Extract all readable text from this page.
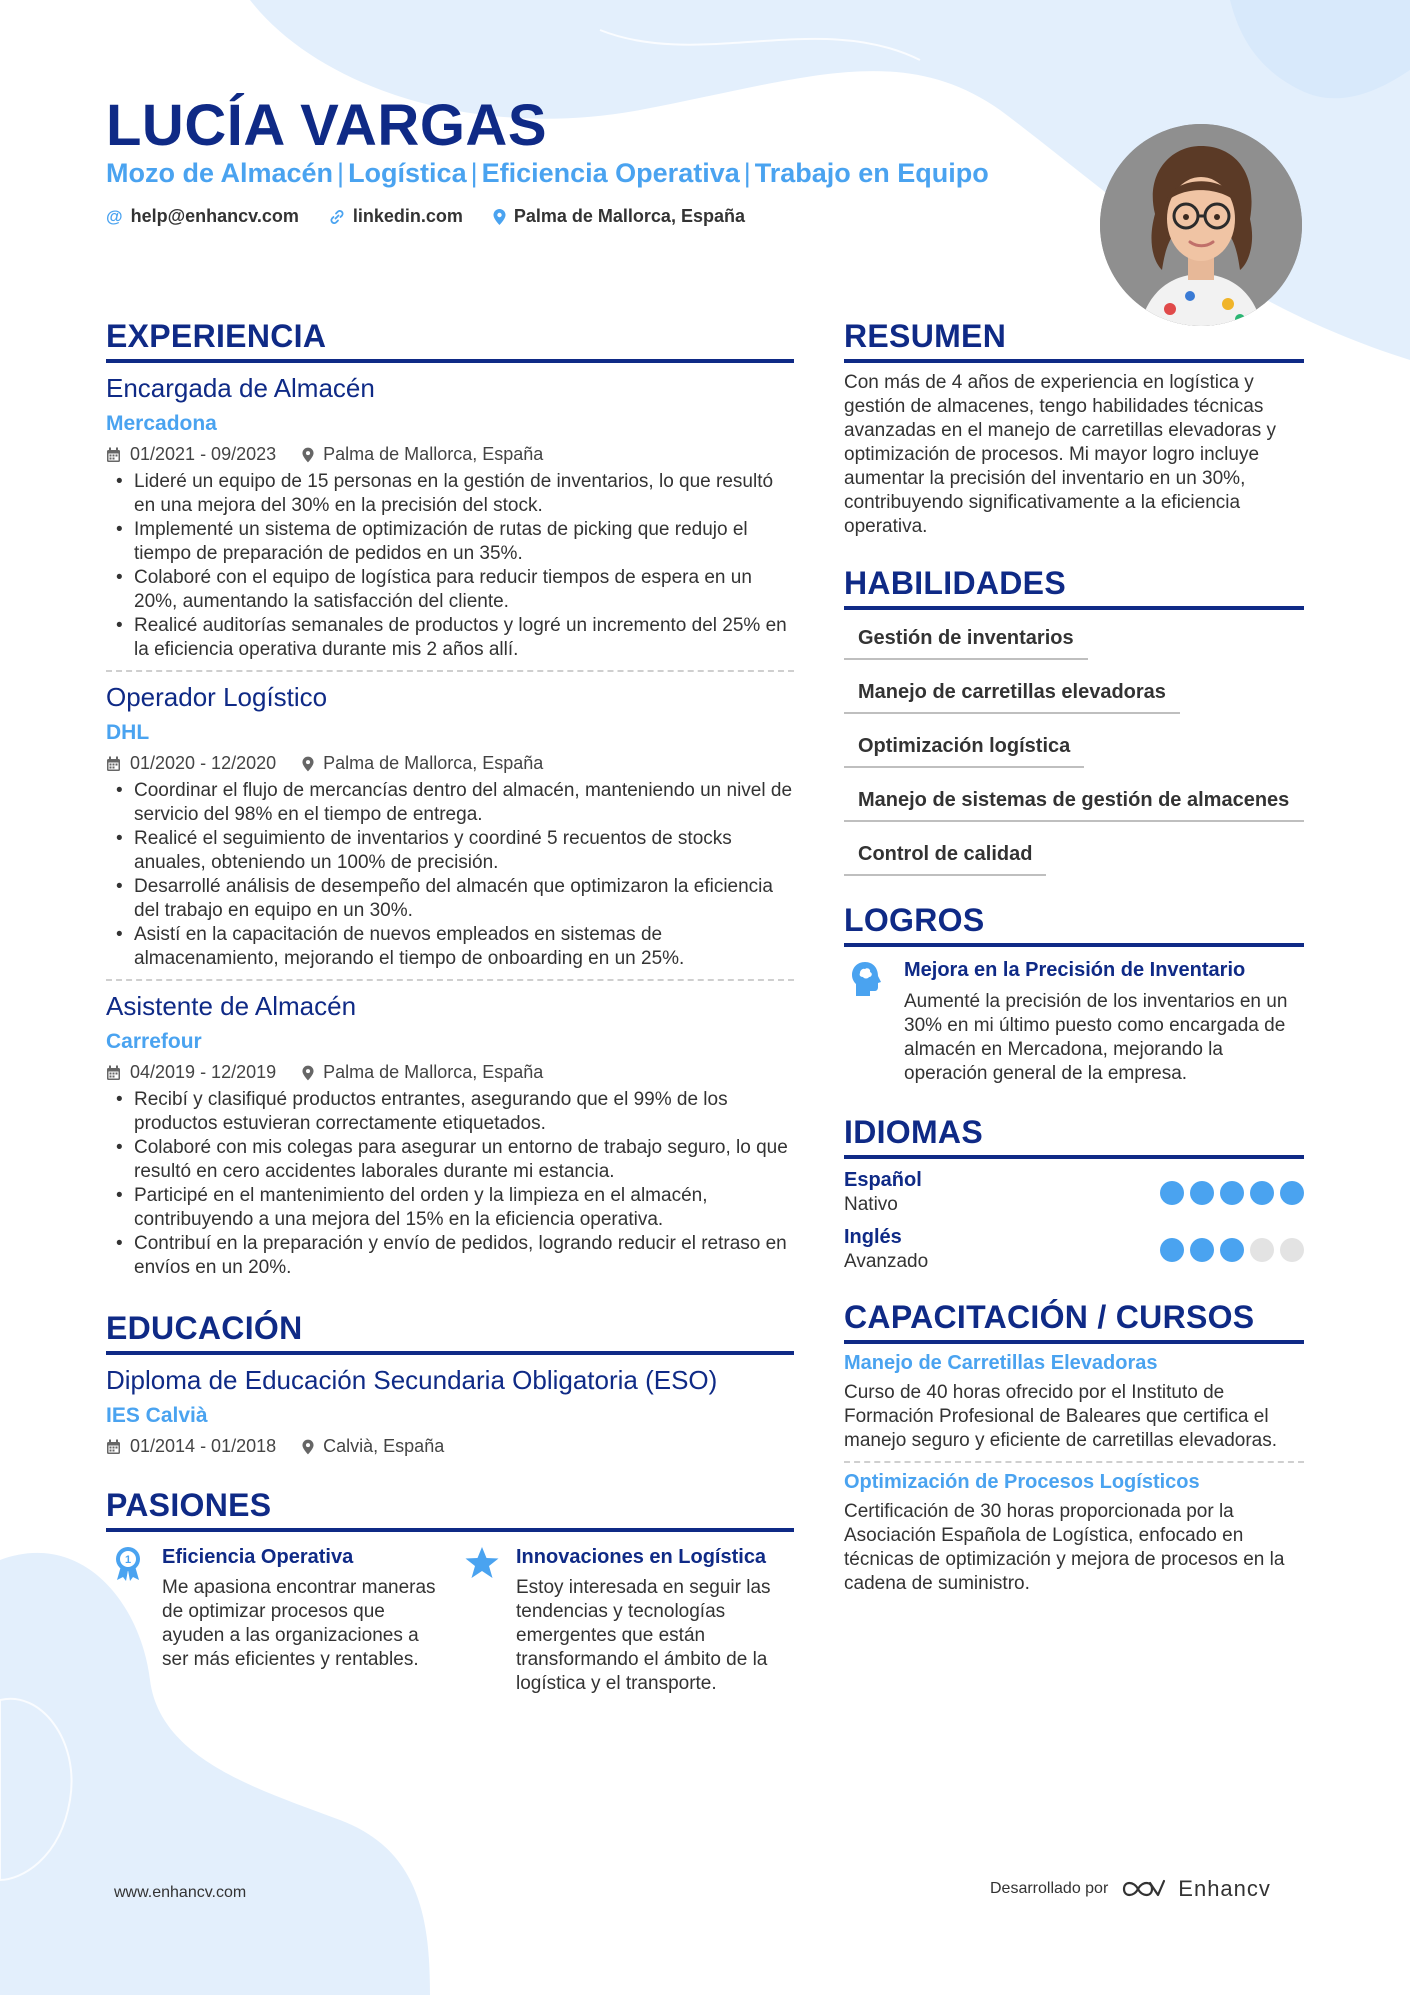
LUCÍA VARGAS
Mozo de Almacén | Logística | Eficiencia Operativa | Trabajo en Equipo
@ help@enhancv.com	linkedin.com	Palma de Mallorca, España
EXPERIENCIA
Encargada de Almacén
Mercadona
01/2021 - 09/2023	Palma de Mallorca, España
• Lideré un equipo de 15 personas en la gestión de inventarios, lo que resultó en una mejora del 30% en la precisión del stock.
• Implementé un sistema de optimización de rutas de picking que redujo el tiempo de preparación de pedidos en un 35%.
• Colaboré con el equipo de logística para reducir tiempos de espera en un 20%, aumentando la satisfacción del cliente.
• Realicé auditorías semanales de productos y logré un incremento del 25% en la eficiencia operativa durante mis 2 años allí.
Operador Logístico
DHL
01/2020 - 12/2020	Palma de Mallorca, España
• Coordinar el flujo de mercancías dentro del almacén, manteniendo un nivel de servicio del 98% en el tiempo de entrega.
• Realicé el seguimiento de inventarios y coordiné 5 recuentos de stocks anuales, obteniendo un 100% de precisión.
• Desarrollé análisis de desempeño del almacén que optimizaron la eficiencia del trabajo en equipo en un 30%.
• Asistí en la capacitación de nuevos empleados en sistemas de almacenamiento, mejorando el tiempo de onboarding en un 25%.
Asistente de Almacén
Carrefour
04/2019 - 12/2019	Palma de Mallorca, España
• Recibí y clasifiqué productos entrantes, asegurando que el 99% de los productos estuvieran correctamente etiquetados.
• Colaboré con mis colegas para asegurar un entorno de trabajo seguro, lo que resultó en cero accidentes laborales durante mi estancia.
• Participé en el mantenimiento del orden y la limpieza en el almacén, contribuyendo a una mejora del 15% en la eficiencia operativa.
• Contribuí en la preparación y envío de pedidos, logrando reducir el retraso en envíos en un 20%.
EDUCACIÓN
Diploma de Educación Secundaria Obligatoria (ESO)
IES Calvià
01/2014 - 01/2018	Calvià, España
PASIONES
1 Eficiencia Operativa
Me apasiona encontrar maneras de optimizar procesos que ayuden a las organizaciones a ser más eficientes y rentables.
Innovaciones en Logística
Estoy interesada en seguir las tendencias y tecnologías emergentes que están transformando el ámbito de la logística y el transporte.
RESUMEN
Con más de 4 años de experiencia en logística y gestión de almacenes, tengo habilidades técnicas avanzadas en el manejo de carretillas elevadoras y optimización de procesos. Mi mayor logro incluye aumentar la precisión del inventario en un 30%, contribuyendo significativamente a la eficiencia operativa.
HABILIDADES
Gestión de inventarios
Manejo de carretillas elevadoras
Optimización logística
Manejo de sistemas de gestión de almacenes
Control de calidad
LOGROS
Mejora en la Precisión de Inventario
Aumenté la precisión de los inventarios en un 30% en mi último puesto como encargada de almacén en Mercadona, mejorando la operación general de la empresa.
IDIOMAS
Español
Nativo
Inglés
Avanzado
CAPACITACIÓN / CURSOS
Manejo de Carretillas Elevadoras
Curso de 40 horas ofrecido por el Instituto de Formación Profesional de Baleares que certifica el manejo seguro y eficiente de carretillas elevadoras.
Optimización de Procesos Logísticos
Certificación de 30 horas proporcionada por la Asociación Española de Logística, enfocado en técnicas de optimización y mejora de procesos en la cadena de suministro.
www.enhancv.com	Desarrollado por	Enhancv
